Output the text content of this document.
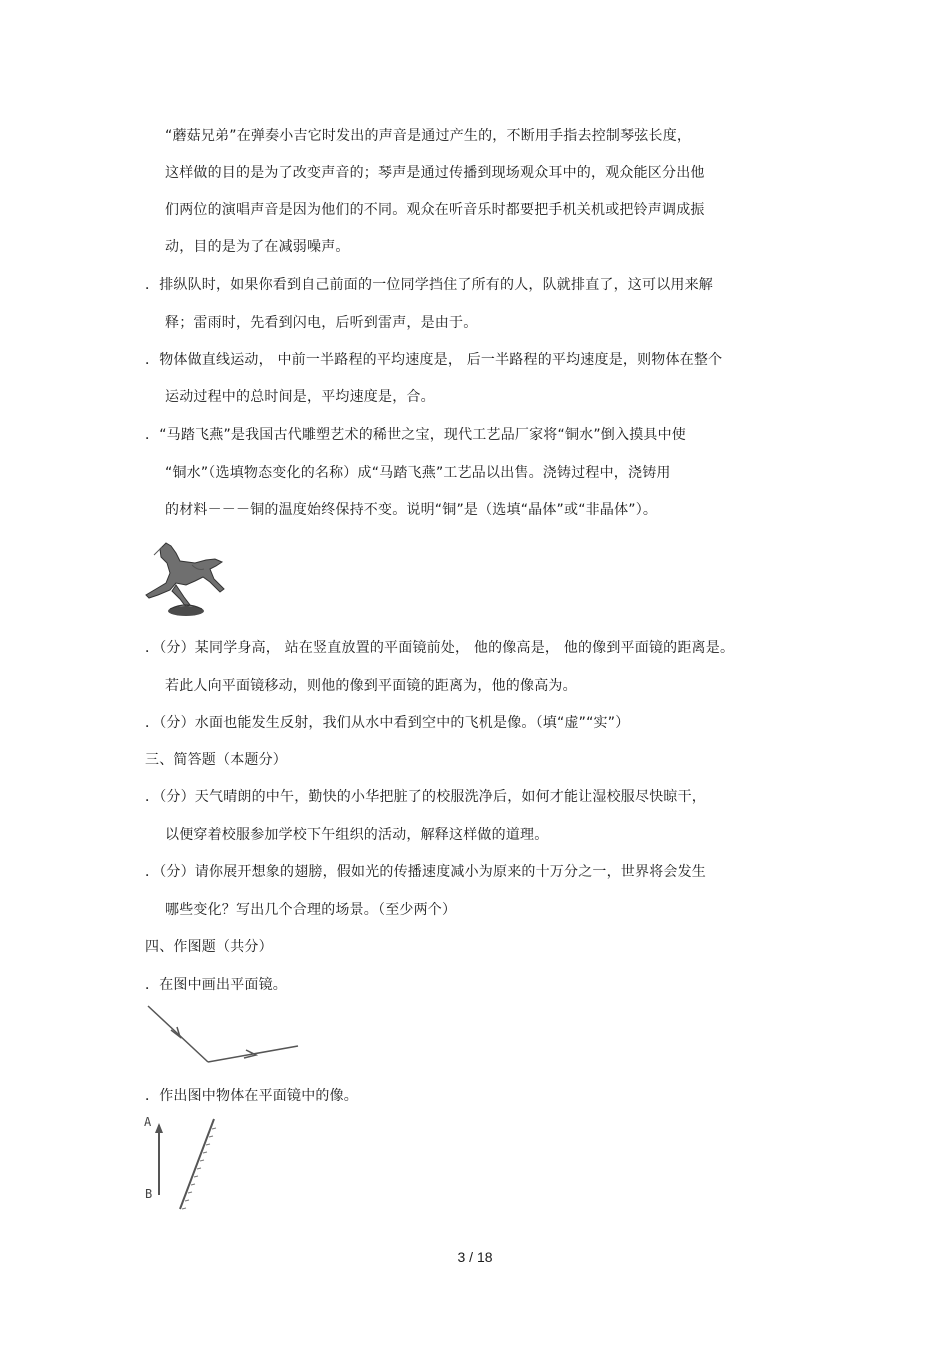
“蘑菇兄弟”在弹奏小吉它时发出的声音是通过产生的，不断用手指去控制琴弦长度，
这样做的目的是为了改变声音的；琴声是通过传播到现场观众耳中的，观众能区分出他
们两位的演唱声音是因为他们的不同。观众在听音乐时都要把手机关机或把铃声调成振
动，目的是为了在减弱噪声。
．排纵队时，如果你看到自己前面的一位同学挡住了所有的人，队就排直了，这可以用来解
释；雷雨时，先看到闪电，后听到雷声，是由于。
．物体做直线运动， 中前一半路程的平均速度是， 后一半路程的平均速度是，则物体在整个
运动过程中的总时间是，平均速度是，合。
．“马踏飞燕”是我国古代雕塑艺术的稀世之宝，现代工艺品厂家将“铜水”倒入摸具中使
“铜水”（选填物态变化的名称）成“马踏飞燕”工艺品以出售。浇铸过程中，浇铸用
的材料－－－铜的温度始终保持不变。说明“铜”是（选填“晶体”或“非晶体”）。
．（分）某同学身高， 站在竖直放置的平面镜前处， 他的像高是， 他的像到平面镜的距离是。
若此人向平面镜移动，则他的像到平面镜的距离为，他的像高为。
．（分）水面也能发生反射，我们从水中看到空中的飞机是像。（填“虚”“实”）
三、简答题（本题分）
．（分）天气晴朗的中午，勤快的小华把脏了的校服洗净后，如何才能让湿校服尽快晾干，
以便穿着校服参加学校下午组织的活动，解释这样做的道理。
．（分）请你展开想象的翅膀，假如光的传播速度减小为原来的十万分之一，世界将会发生
哪些变化？写出几个合理的场景。（至少两个）
四、作图题（共分）
．在图中画出平面镜。
．作出图中物体在平面镜中的像。
A
B
3 / 18
